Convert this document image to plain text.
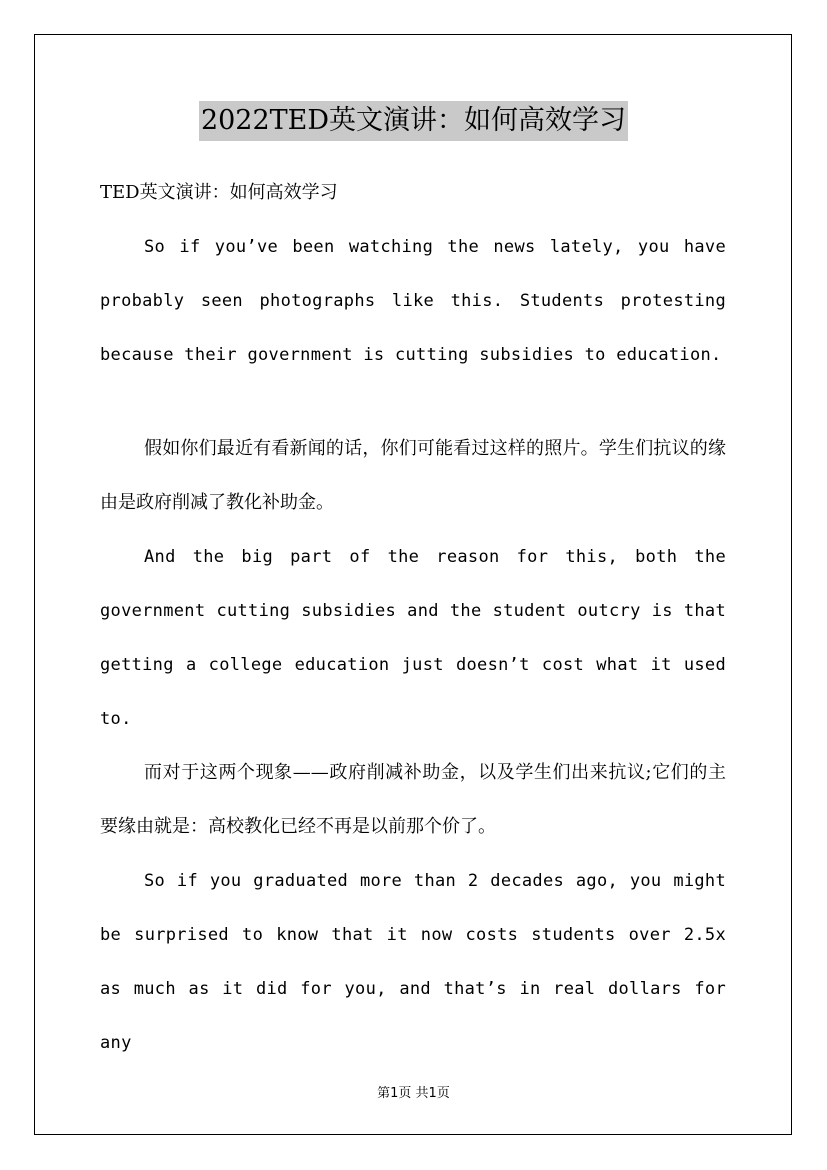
2022TED英文演讲：如何高效学习

TED英文演讲：如何高效学习

So if you’ve been watching the news lately, you have probably seen photographs like this. Students protesting because their government is cutting subsidies to education.

假如你们最近有看新闻的话，你们可能看过这样的照片。学生们抗议的缘由是政府削减了教化补助金。

And the big part of the reason for this, both the government cutting subsidies and the student outcry is that getting a college education just doesn’t cost what it used to.

而对于这两个现象——政府削减补助金，以及学生们出来抗议;它们的主要缘由就是：高校教化已经不再是以前那个价了。

So if you graduated more than 2 decades ago, you might be surprised to know that it now costs students over 2.5x as much as it did for you, and that’s in real dollars for any

第1页 共1页
